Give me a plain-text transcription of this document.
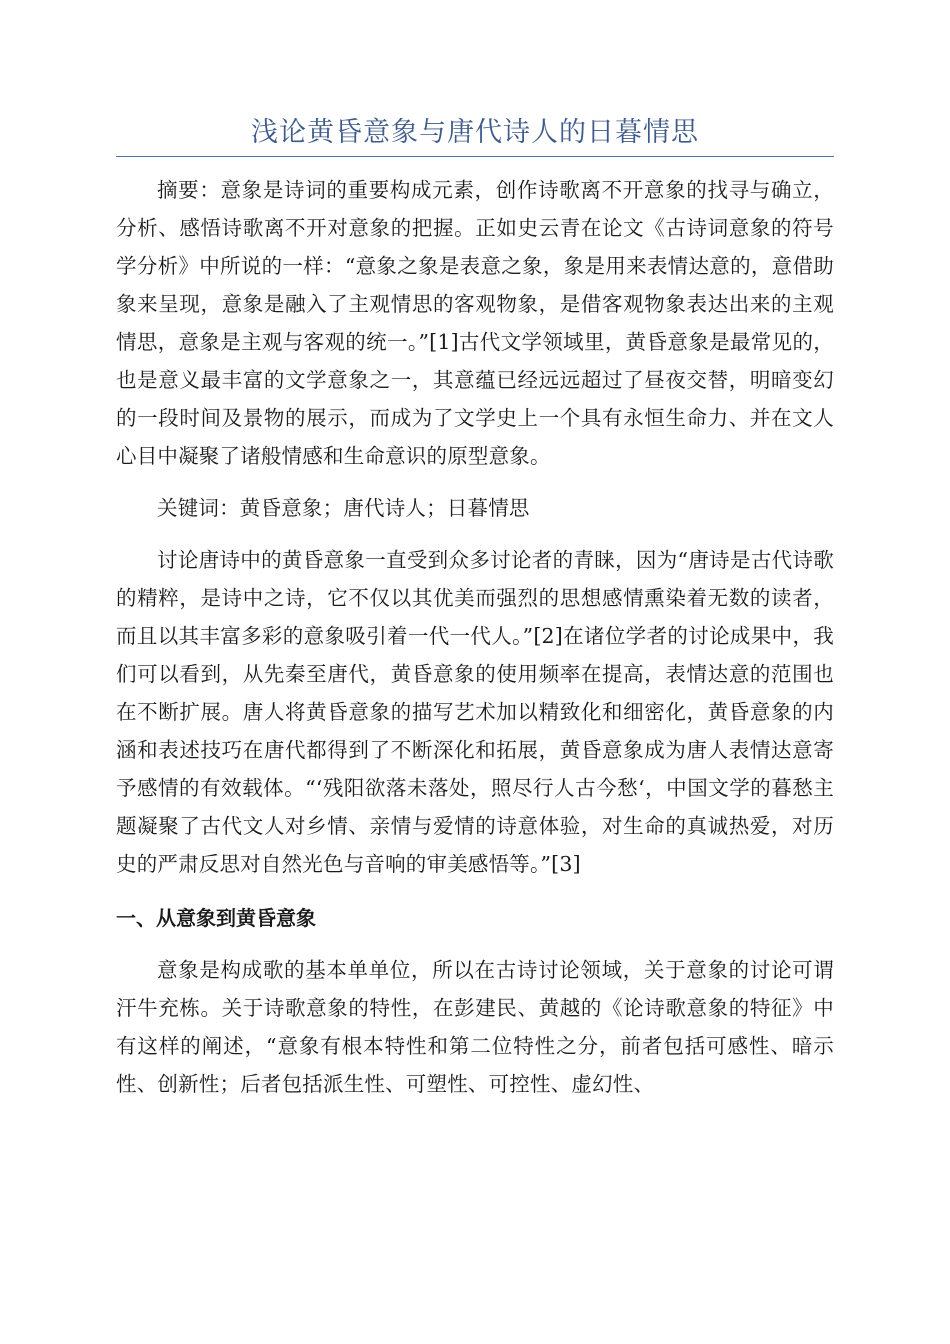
浅论黄昏意象与唐代诗人的日暮情思

摘要：意象是诗词的重要构成元素，创作诗歌离不开意象的找寻与确立，分析、感悟诗歌离不开对意象的把握。正如史云青在论文《古诗词意象的符号学分析》中所说的一样：“意象之象是表意之象，象是用来表情达意的，意借助象来呈现，意象是融入了主观情思的客观物象，是借客观物象表达出来的主观情思，意象是主观与客观的统一。”[1]古代文学领域里，黄昏意象是最常见的，也是意义最丰富的文学意象之一，其意蕴已经远远超过了昼夜交替，明暗变幻的一段时间及景物的展示，而成为了文学史上一个具有永恒生命力、并在文人心目中凝聚了诸般情感和生命意识的原型意象。

关键词：黄昏意象；唐代诗人；日暮情思

讨论唐诗中的黄昏意象一直受到众多讨论者的青睐，因为“唐诗是古代诗歌的精粹，是诗中之诗，它不仅以其优美而强烈的思想感情熏染着无数的读者，而且以其丰富多彩的意象吸引着一代一代人。”[2]在诸位学者的讨论成果中，我们可以看到，从先秦至唐代，黄昏意象的使用频率在提高，表情达意的范围也在不断扩展。唐人将黄昏意象的描写艺术加以精致化和细密化，黄昏意象的内涵和表述技巧在唐代都得到了不断深化和拓展，黄昏意象成为唐人表情达意寄予感情的有效载体。“‘残阳欲落未落处，照尽行人古今愁‘，中国文学的暮愁主题凝聚了古代文人对乡情、亲情与爱情的诗意体验，对生命的真诚热爱，对历史的严肃反思对自然光色与音响的审美感悟等。”[3]

一、从意象到黄昏意象

意象是构成歌的基本单单位，所以在古诗讨论领域，关于意象的讨论可谓汗牛充栋。关于诗歌意象的特性，在彭建民、黄越的《论诗歌意象的特征》中有这样的阐述，“意象有根本特性和第二位特性之分，前者包括可感性、暗示性、创新性；后者包括派生性、可塑性、可控性、虚幻性、
